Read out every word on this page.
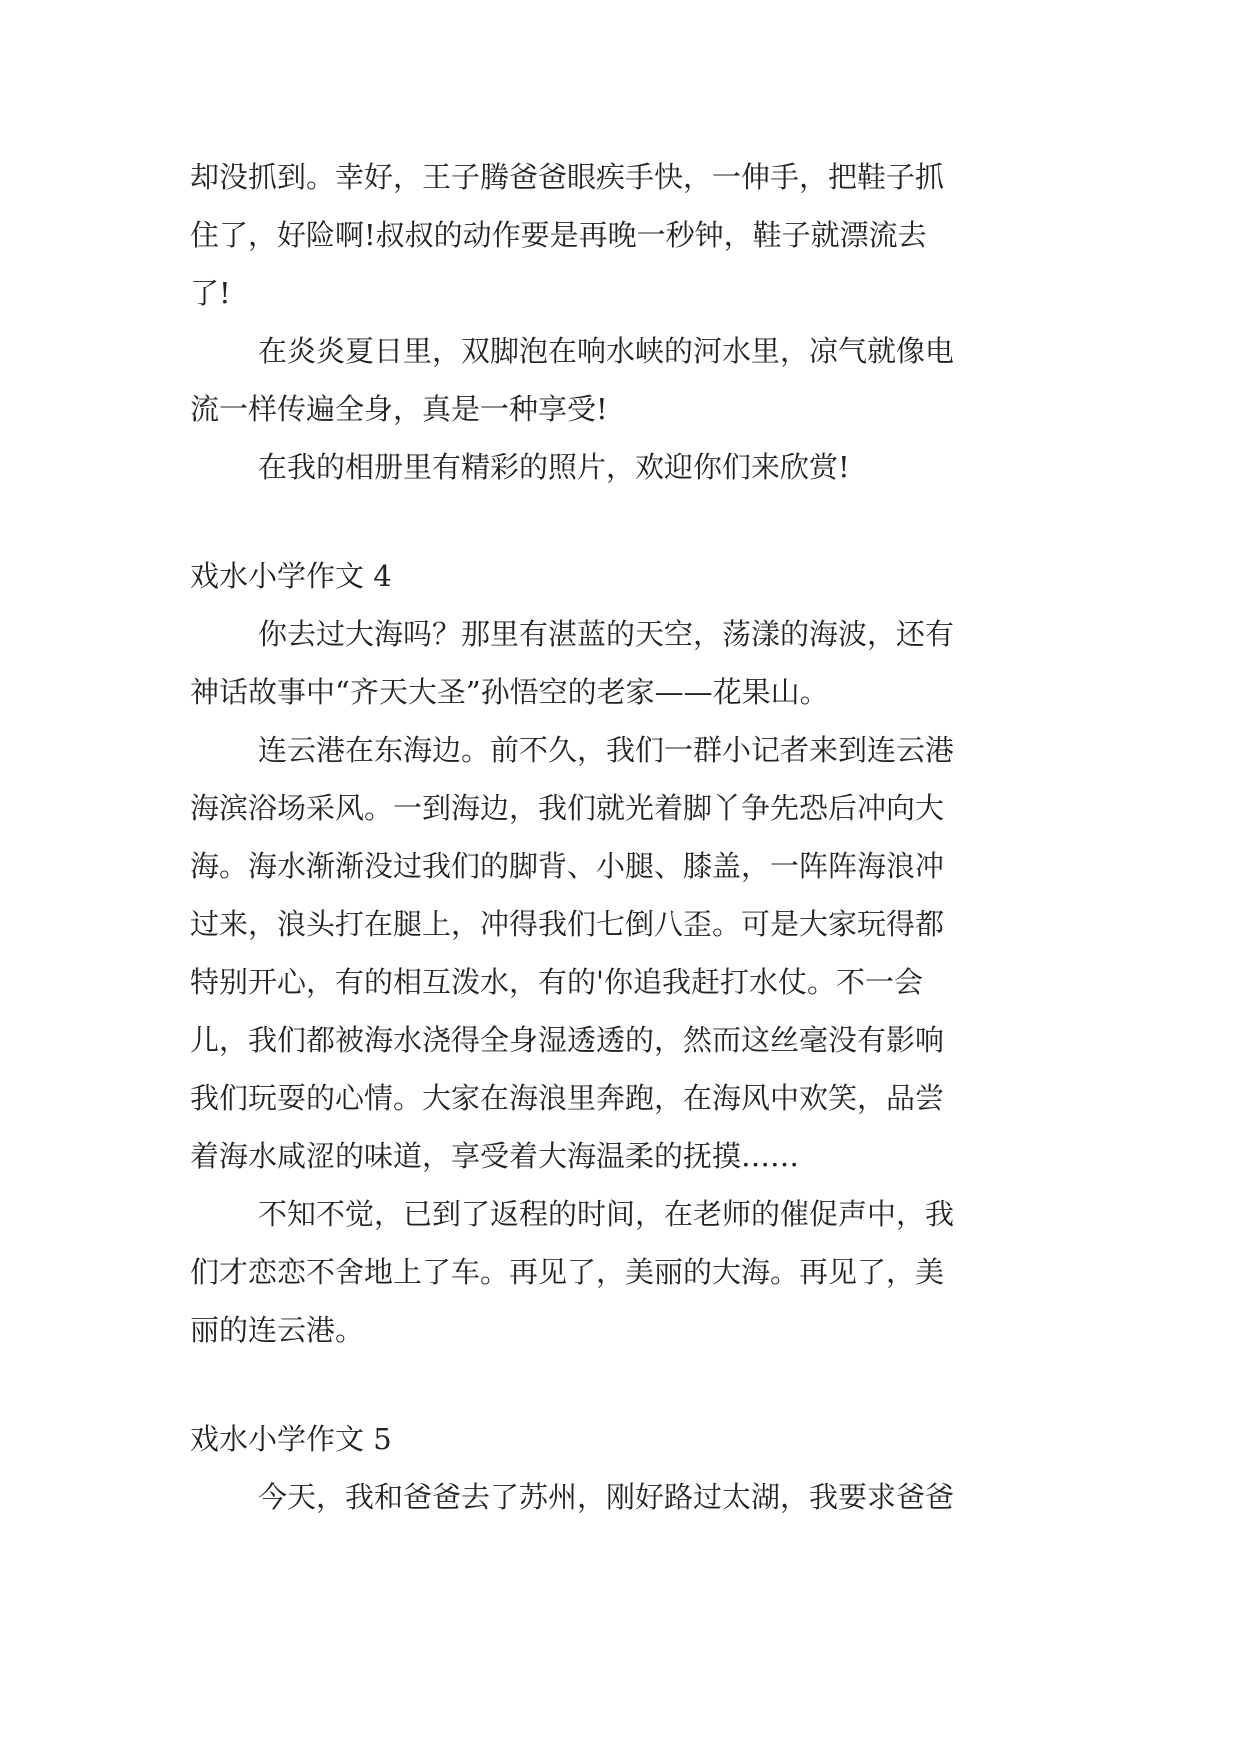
却没抓到。幸好，王子腾爸爸眼疾手快，一伸手，把鞋子抓

住了，好险啊!叔叔的动作要是再晚一秒钟，鞋子就漂流去

了!

在炎炎夏日里，双脚泡在响水峡的河水里，凉气就像电

流一样传遍全身，真是一种享受!

在我的相册里有精彩的照片，欢迎你们来欣赏!

戏水小学作文 4

你去过大海吗？那里有湛蓝的天空，荡漾的海波，还有

神话故事中“齐天大圣”孙悟空的老家——花果山。

连云港在东海边。前不久，我们一群小记者来到连云港

海滨浴场采风。一到海边，我们就光着脚丫争先恐后冲向大

海。海水渐渐没过我们的脚背、小腿、膝盖，一阵阵海浪冲

过来，浪头打在腿上，冲得我们七倒八歪。可是大家玩得都

特别开心，有的相互泼水，有的'你追我赶打水仗。不一会

儿，我们都被海水浇得全身湿透透的，然而这丝毫没有影响

我们玩耍的心情。大家在海浪里奔跑，在海风中欢笑，品尝

着海水咸涩的味道，享受着大海温柔的抚摸……

不知不觉，已到了返程的时间，在老师的催促声中，我

们才恋恋不舍地上了车。再见了，美丽的大海。再见了，美

丽的连云港。

戏水小学作文 5

今天，我和爸爸去了苏州，刚好路过太湖，我要求爸爸
